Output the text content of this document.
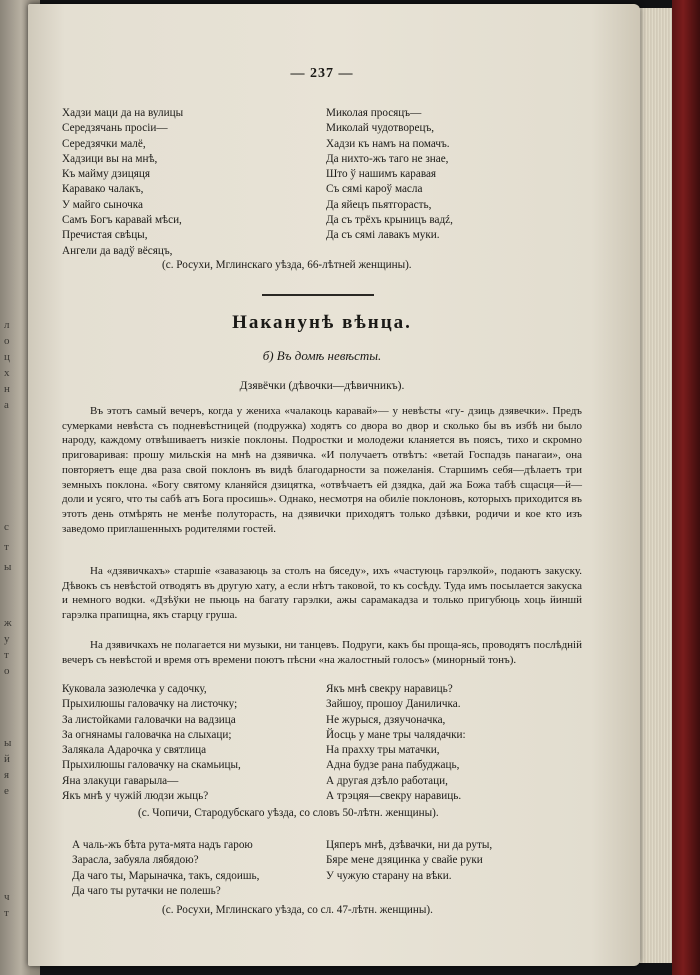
л
о
ц
х
н
а
с
т
ы
ж
у
т
о
ы
й
я
е
ч
т
— 237 —
Хадзи маци да на вулицы
Середзячань просіи—
Середзячки малё,
Хадзици вы на мнѣ,
Къ майму дзицяця
Каравако чалакъ,
У майго сыночка
Самъ Богъ каравай мѣси,
Пречистая свѣцы,
Ангели да вадў вёсяцъ,
Миколая просяцъ—
Миколай чудотворецъ,
Хадзи къ намъ на помачъ.
Да нихто-жъ таго не знае,
Што ў нашимъ каравая
Съ сямi кароў масла
Да яйецъ пьятгорасть,
Да съ трёхъ крыницъ вадź,
Да съ сямi лавакъ муки.
(с. Росухи, Мглинскаго уѣзда, 66-лѣтней женщины).
Наканунѣ вѣнца.
б) Въ домѣ невѣсты.
Дзявёчки (дѣвочки—дѣвичникъ).
Въ этотъ самый вечеръ, когда у жениха «чалакоць каравай»— у невѣсты «гу- дзиць дзявечки». Предъ сумерками невѣста съ подневѣстницей (подружка) ходятъ со двора во двор и сколько бы въ избѣ ни было народу, каждому отвѣшиваетъ низкіе поклоны. Подростки и молодежи кланяется въ поясъ, тихо и скромно приговаривая: прошу мильскія на мнѣ на дзявичка. «И получаетъ отвѣтъ: «ветай Госпадзь панагаи», она повторяетъ еще два раза свой поклонъ въ видѣ благодарности за пожеланія. Старшимъ себя—дѣлаетъ три земныхъ поклона. «Богу святому кланяйся дзицятка, «отвѣчаетъ ей дзядка, дай жа Божа табѣ сщасця—й—доли и усяго, что ты сабѣ атъ Бога просишь». Однако, несмотря на обиліе поклоновъ, которыхъ приходится въ этотъ день отмѣрять не менѣе полуторасть, на дзявички приходятъ только дзѣвки, родичи и кое кто изъ заведомо приглашенныхъ родителями гостей.
На «дзявичкахъ» старшіе «завазаюць за столъ на бяседу», ихъ «частуюць гарэлкой», подаютъ закуску. Дѣвокъ съ невѣстой отводятъ въ другую хату, а если нѣтъ таковой, то къ сосѣду. Туда имъ посылается закуска и немного водки. «Дзѣўки не пьюць на багату гарэлки, ажы сарамакадза и только пригубюць хоць йиншй гарэлка прапищна, якъ старцу груша.
На дзявичкахъ не полагается ни музыки, ни танцевъ. Подруги, какъ бы проща-ясь, проводятъ послѣдній вечеръ съ невѣстой и время отъ времени поютъ пѣсни «на жалостный голосъ» (минорный тонъ).
Куковала зазюлечка у садочку,
Прыхилюшы галовачку на листочку;
За листойками галовачки на вадзица
За огнянамы галовачка на слыхаци;
Залякала Адарочка у святлица
Прыхилюшы галовачку на скамьицы,
Яна злакуци гаварыла—
Якъ мнѣ у чужій людзи жыць?
Якъ мнѣ свекру наравиць?
Зайшоу, прошоу Даниличка.
Не журыся, дзяучоначка,
Йосць у мане тры чалядачки:
На прахху тры матачки,
Адна будзе рана пабуджаць,
А другая дзѣло работаци,
А трэцяя—свекру наравиць.
(с. Чопичи, Стародубскаго уѣзда, со словъ 50-лѣтн. женщины).
А чаль-жъ бѣта рута-мята надъ гарою
Зарасла, забуяла лябядою?
Да чаго ты, Марыначка, такъ, сядоишь,
Да чаго ты рутачки не полешь?
Цяперъ мнѣ, дзѣвачки, ни да руты,
Бяре мене дзяцинка у свайе руки
У чужую старану на вѣки.
(с. Росухи, Мглинскаго уѣзда, со сл. 47-лѣтн. женщины).
